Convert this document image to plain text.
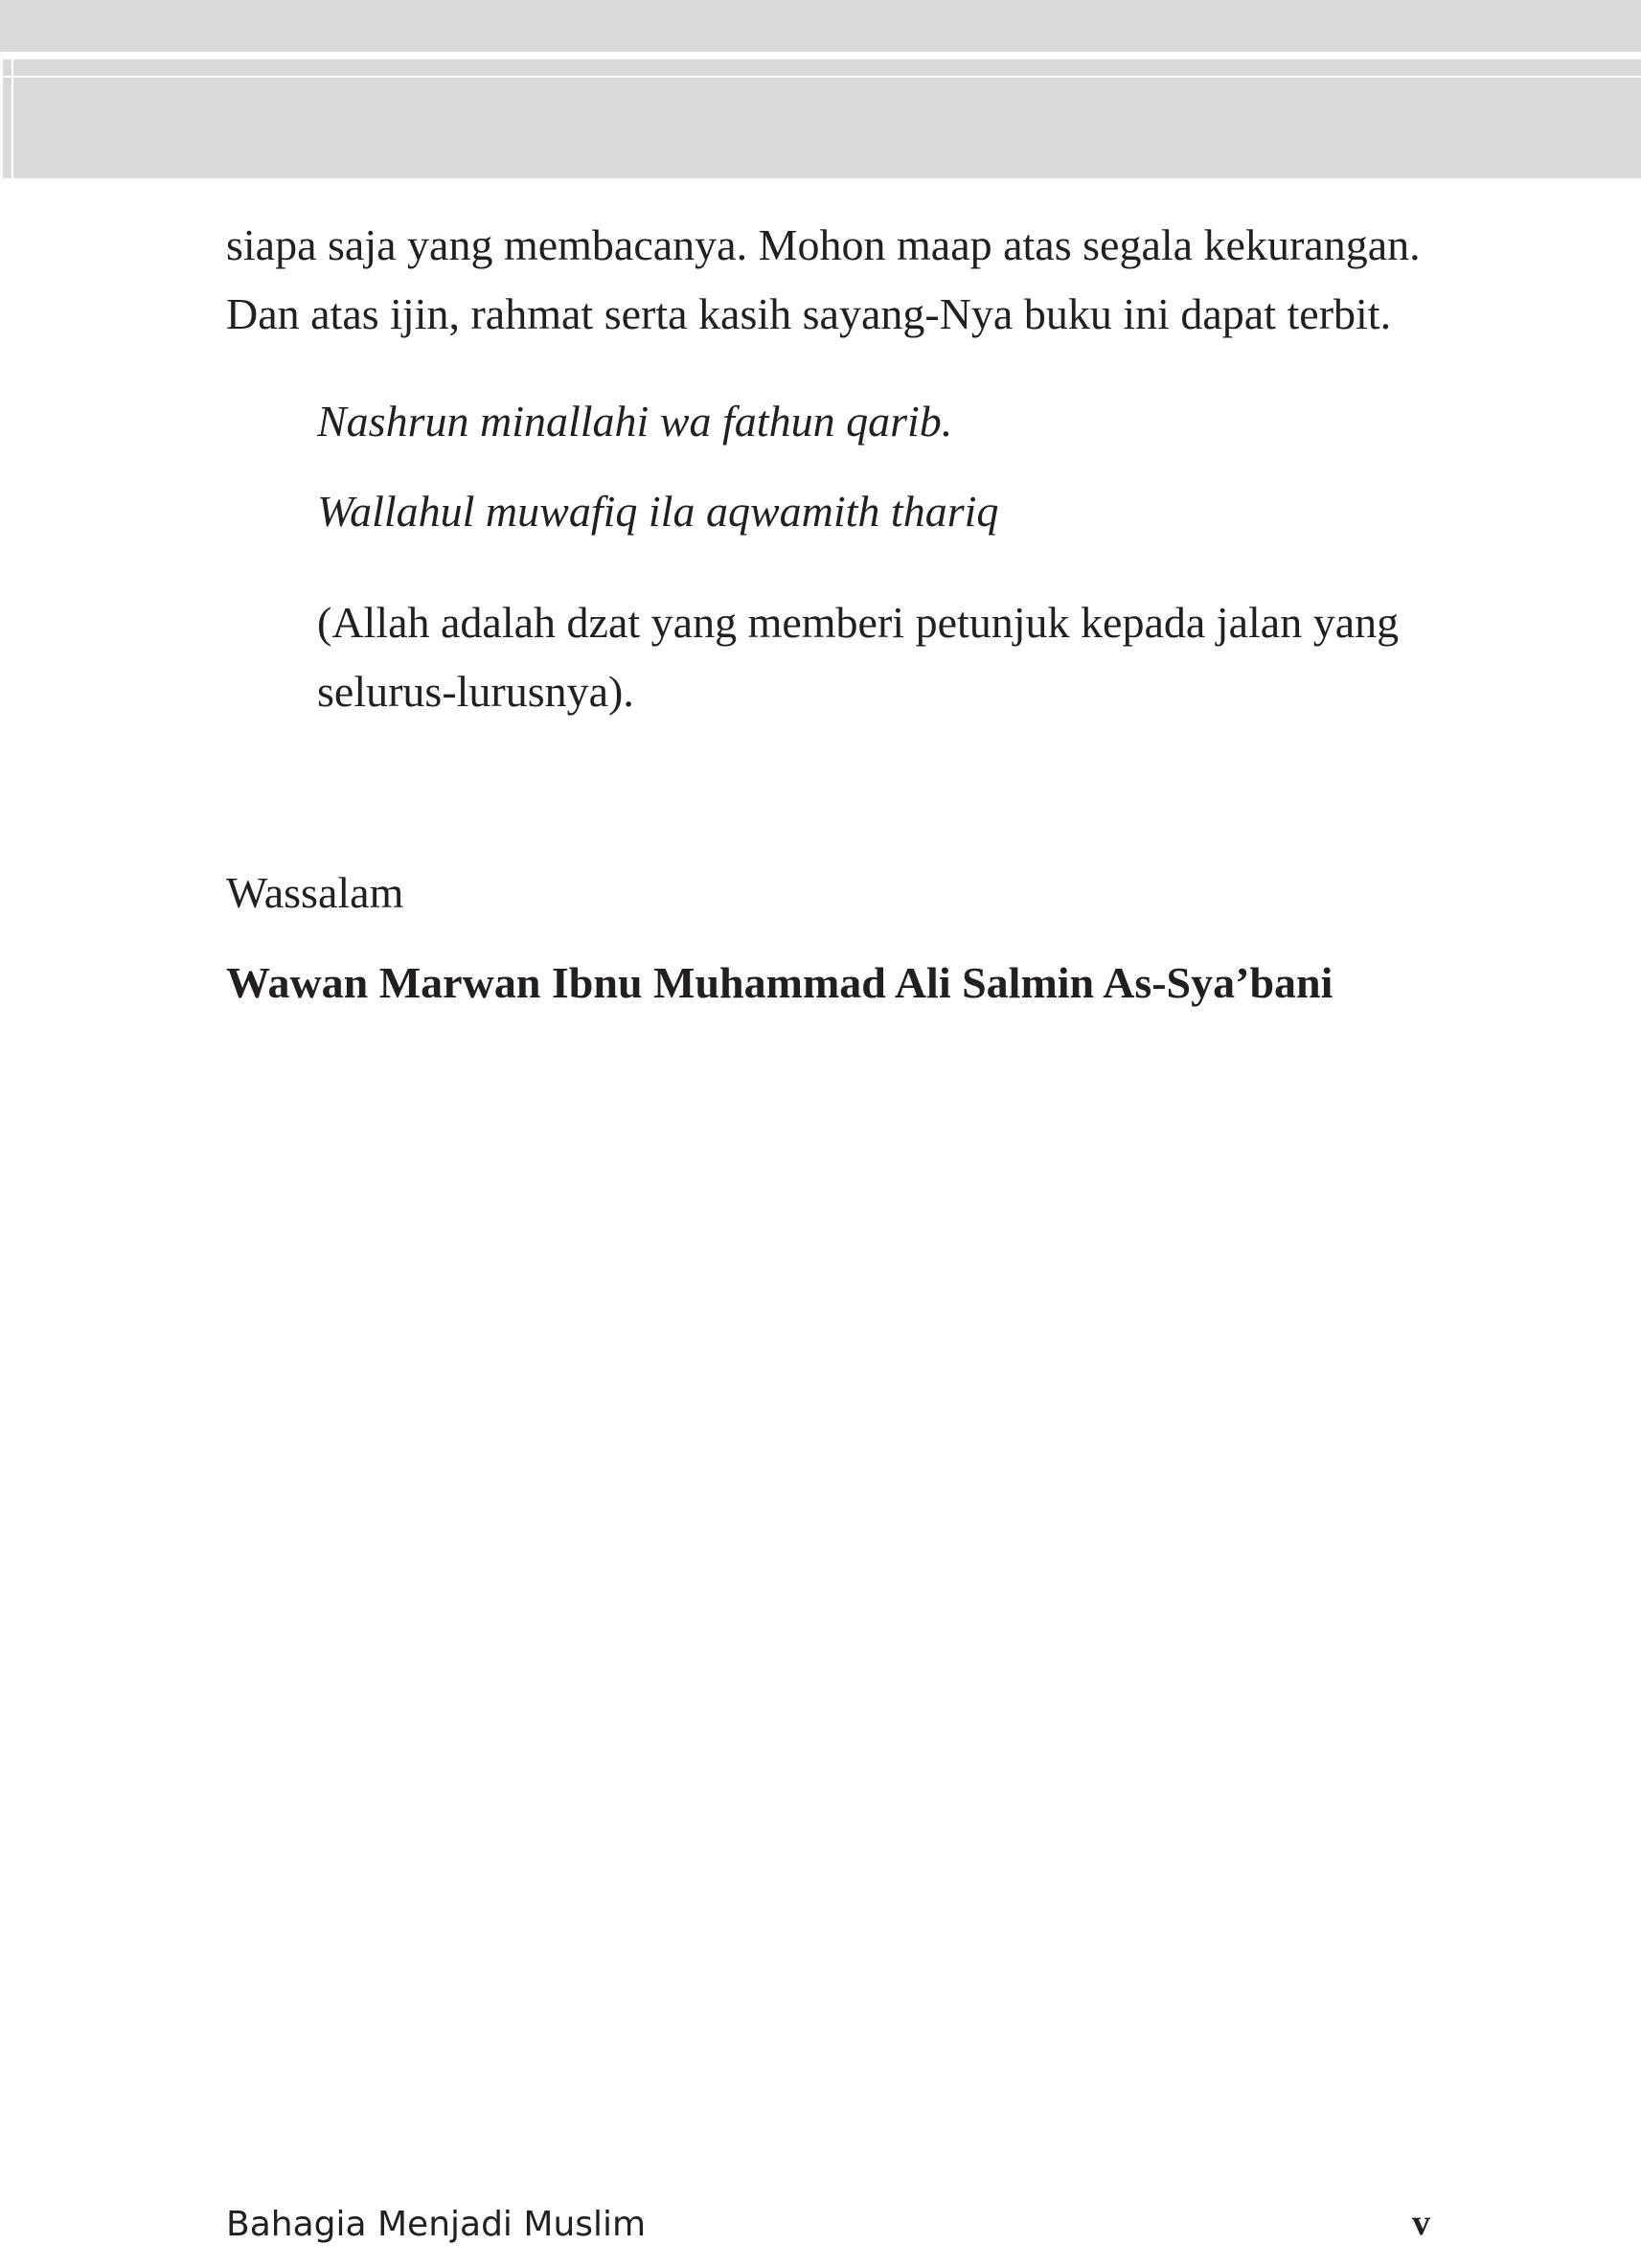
siapa saja yang membacanya. Mohon maap atas segala kekurangan.
Dan atas ijin, rahmat serta kasih sayang-Nya buku ini dapat terbit.

Nashrun minallahi wa fathun qarib.

Wallahul muwafiq ila aqwamith thariq

(Allah adalah dzat yang memberi petunjuk kepada jalan yang
selurus-lurusnya).

Wassalam

Wawan Marwan Ibnu Muhammad Ali Salmin As-Sya’bani

Bahagia Menjadi Muslim	v
